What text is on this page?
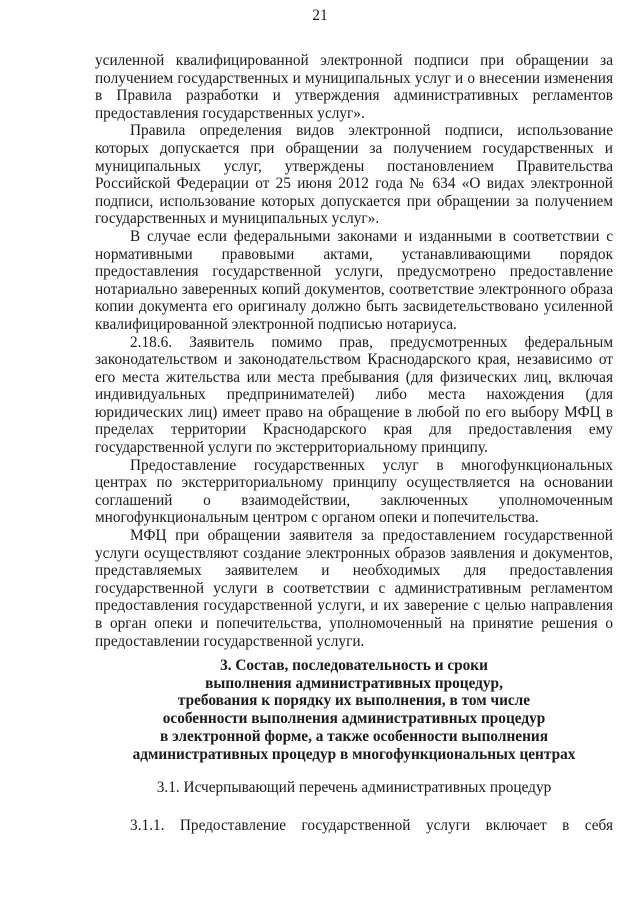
21

усиленной квалифицированной электронной подписи при обращении за получением государственных и муниципальных услуг и о внесении изменения в Правила разработки и утверждения административных регламентов предоставления государственных услуг».

Правила определения видов электронной подписи, использование которых допускается при обращении за получением государственных и муниципальных услуг, утверждены постановлением Правительства Российской Федерации от 25 июня 2012 года № 634 «О видах электронной подписи, использование которых допускается при обращении за получением государственных и муниципальных услуг».

В случае если федеральными законами и изданными в соответствии с нормативными правовыми актами, устанавливающими порядок предоставления государственной услуги, предусмотрено предоставление нотариально заверенных копий документов, соответствие электронного образа копии документа его оригиналу должно быть засвидетельствовано усиленной квалифицированной электронной подписью нотариуса.

2.18.6. Заявитель помимо прав, предусмотренных федеральным законодательством и законодательством Краснодарского края, независимо от его места жительства или места пребывания (для физических лиц, включая индивидуальных предпринимателей) либо места нахождения (для юридических лиц) имеет право на обращение в любой по его выбору МФЦ в пределах территории Краснодарского края для предоставления ему государственной услуги по экстерриториальному принципу.

Предоставление государственных услуг в многофункциональных центрах по экстерриториальному принципу осуществляется на основании соглашений о взаимодействии, заключенных уполномоченным многофункциональным центром с органом опеки и попечительства.

МФЦ при обращении заявителя за предоставлением государственной услуги осуществляют создание электронных образов заявления и документов, представляемых заявителем и необходимых для предоставления государственной услуги в соответствии с административным регламентом предоставления государственной услуги, и их заверение с целью направления в орган опеки и попечительства, уполномоченный на принятие решения о предоставлении государственной услуги.

3. Состав, последовательность и сроки
выполнения административных процедур,
требования к порядку их выполнения, в том числе
особенности выполнения административных процедур
в электронной форме, а также особенности выполнения
административных процедур в многофункциональных центрах
3.1. Исчерпывающий перечень административных процедур
3.1.1. Предоставление государственной услуги включает в себя
